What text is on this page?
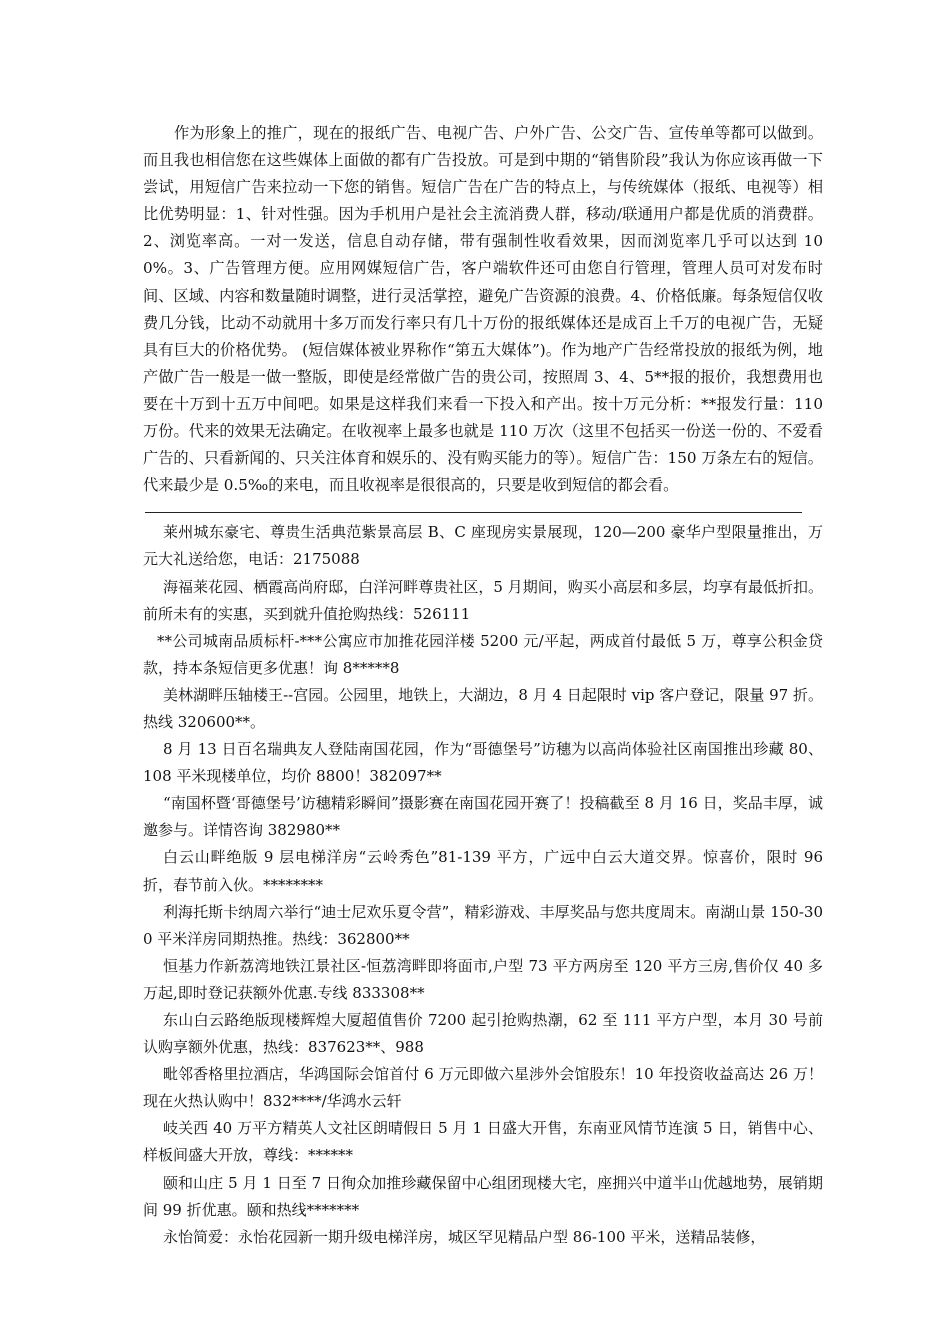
作为形象上的推广，现在的报纸广告、电视广告、户外广告、公交广告、宣传单等都可以做到。而且我也相信您在这些媒体上面做的都有广告投放。可是到中期的“销售阶段”我认为你应该再做一下尝试，用短信广告来拉动一下您的销售。短信广告在广告的特点上，与传统媒体（报纸、电视等）相比优势明显：1、针对性强。因为手机用户是社会主流消费人群，移动/联通用户都是优质的消费群。2、浏览率高。一对一发送，信息自动存储，带有强制性收看效果，因而浏览率几乎可以达到 100%。3、广告管理方便。应用网媒短信广告，客户端软件还可由您自行管理，管理人员可对发布时间、区域、内容和数量随时调整，进行灵活掌控，避免广告资源的浪费。4、价格低廉。每条短信仅收费几分钱，比动不动就用十多万而发行率只有几十万份的报纸媒体还是成百上千万的电视广告，无疑具有巨大的价格优势。 (短信媒体被业界称作“第五大媒体”)。作为地产广告经常投放的报纸为例，地产做广告一般是一做一整版，即使是经常做广告的贵公司，按照周 3、4、5**报的报价，我想费用也要在十万到十五万中间吧。如果是这样我们来看一下投入和产出。按十万元分析：**报发行量：110 万份。代来的效果无法确定。在收视率上最多也就是 110 万次（这里不包括买一份送一份的、不爱看广告的、只看新闻的、只关注体育和娱乐的、没有购买能力的等）。短信广告：150 万条左右的短信。代来最少是 0.5‰的来电，而且收视率是很很高的，只要是收到短信的都会看。

莱州城东豪宅、尊贵生活典范紫景高层 B、C 座现房实景展现，120—200 豪华户型限量推出，万元大礼送给您，电话：2175088

海福莱花园、栖霞高尚府邸，白洋河畔尊贵社区，5 月期间，购买小高层和多层，均享有最低折扣。前所未有的实惠，买到就升值抢购热线：526111

**公司城南品质标杆-***公寓应市加推花园洋楼 5200 元/平起，两成首付最低 5 万，尊享公积金贷款，持本条短信更多优惠！询 8*****8

美林湖畔压轴楼王--宫园。公园里，地铁上，大湖边，8 月 4 日起限时 vip 客户登记，限量 97 折。热线 320600**。

8 月 13 日百名瑞典友人登陆南国花园，作为“哥德堡号”访穗为以高尚体验社区南国推出珍藏 80、108 平米现楼单位，均价 8800！382097**

“南国杯暨‘哥德堡号’访穗精彩瞬间”摄影赛在南国花园开赛了！投稿截至 8 月 16 日，奖品丰厚，诚邀参与。详情咨询 382980**

白云山畔绝版 9 层电梯洋房“云岭秀色”81-139 平方，广远中白云大道交界。惊喜价，限时 96 折，春节前入伙。********

利海托斯卡纳周六举行“迪士尼欢乐夏令营”，精彩游戏、丰厚奖品与您共度周末。南湖山景 150-300 平米洋房同期热推。热线：362800**

恒基力作新荔湾地铁江景社区-恒荔湾畔即将面市,户型 73 平方两房至 120 平方三房,售价仅 40 多万起,即时登记获额外优惠.专线 833308**

东山白云路绝版现楼辉煌大厦超值售价 7200 起引抢购热潮，62 至 111 平方户型，本月 30 号前认购享额外优惠，热线：837623**、988

毗邻香格里拉酒店，华鸿国际会馆首付 6 万元即做六星涉外会馆股东！10 年投资收益高达 26 万！现在火热认购中！832****/华鸿水云轩

岐关西 40 万平方精英人文社区朗晴假日 5 月 1 日盛大开售，东南亚风情节连演 5 日，销售中心、样板间盛大开放，尊线：******

颐和山庄 5 月 1 日至 7 日徇众加推珍藏保留中心组团现楼大宅，座拥兴中道半山优越地势，展销期间 99 折优惠。颐和热线*******

永怡简爱：永怡花园新一期升级电梯洋房，城区罕见精品户型 86-100 平米，送精品装修，
